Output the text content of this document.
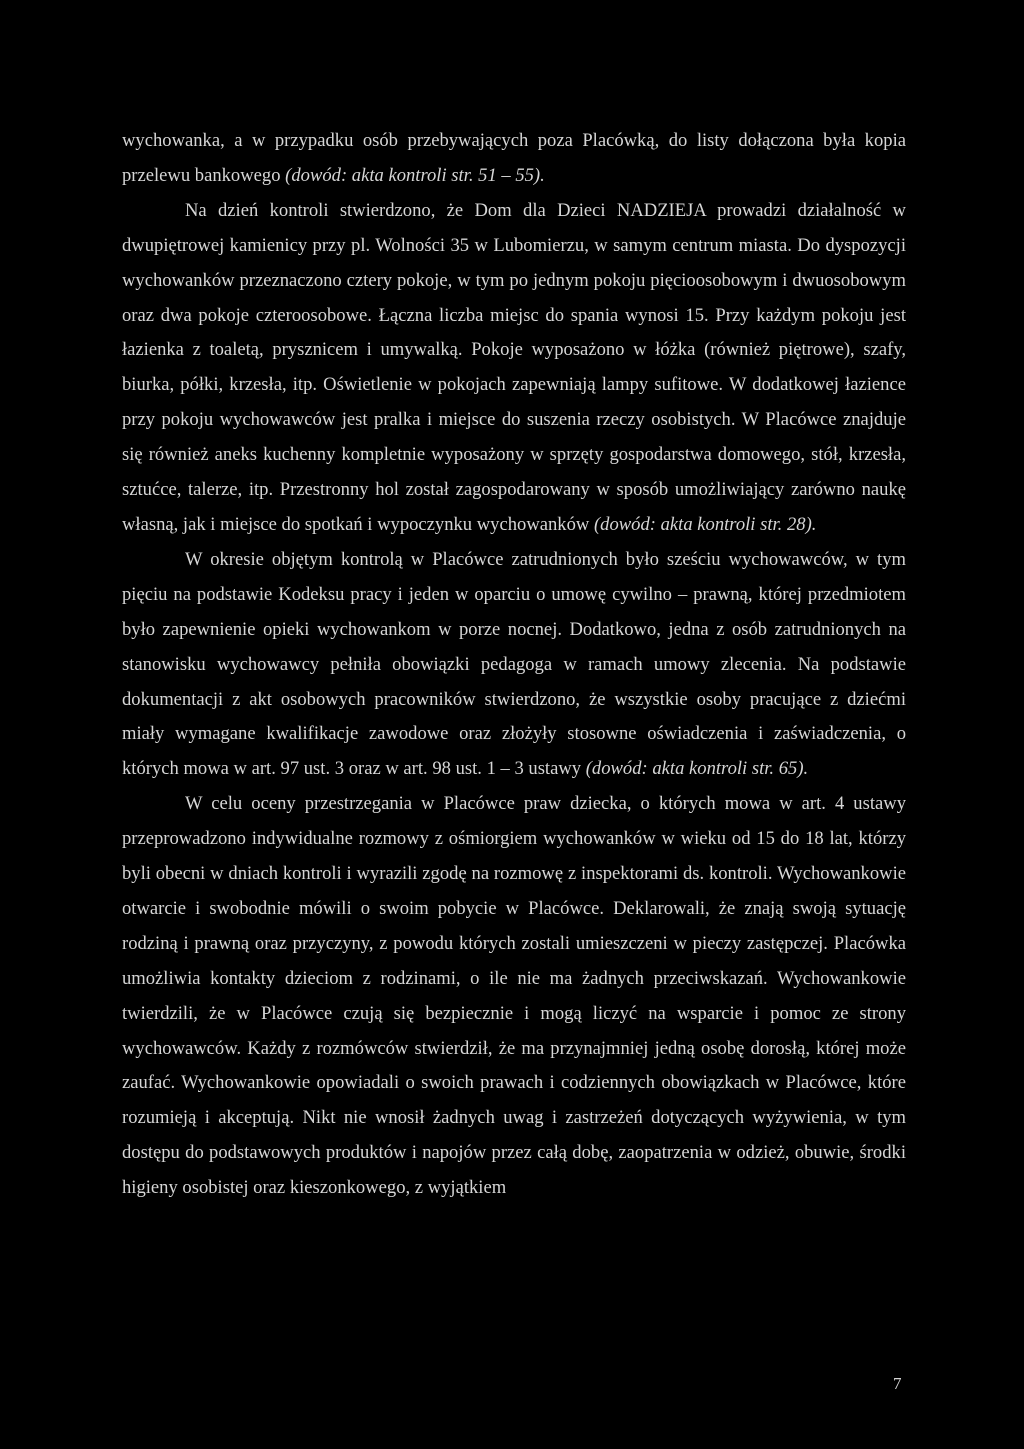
wychowanka, a w przypadku osób przebywających poza Placówką, do listy dołączona była kopia przelewu bankowego (dowód: akta kontroli str. 51 – 55).

Na dzień kontroli stwierdzono, że Dom dla Dzieci NADZIEJA prowadzi działalność w dwupiętrowej kamienicy przy pl. Wolności 35 w Lubomierzu, w samym centrum miasta. Do dyspozycji wychowanków przeznaczono cztery pokoje, w tym po jednym pokoju pięcioosobowym i dwuosobowym oraz dwa pokoje czteroosobowe. Łączna liczba miejsc do spania wynosi 15. Przy każdym pokoju jest łazienka z toaletą, prysznicem i umywalką. Pokoje wyposażono w łóżka (również piętrowe), szafy, biurka, półki, krzesła, itp. Oświetlenie w pokojach zapewniają lampy sufitowe. W dodatkowej łazience przy pokoju wychowawców jest pralka i miejsce do suszenia rzeczy osobistych. W Placówce znajduje się również aneks kuchenny kompletnie wyposażony w sprzęty gospodarstwa domowego, stół, krzesła, sztućce, talerze, itp. Przestronny hol został zagospodarowany w sposób umożliwiający zarówno naukę własną, jak i miejsce do spotkań i wypoczynku wychowanków (dowód: akta kontroli str. 28).

W okresie objętym kontrolą w Placówce zatrudnionych było sześciu wychowawców, w tym pięciu na podstawie Kodeksu pracy i jeden w oparciu o umowę cywilno – prawną, której przedmiotem było zapewnienie opieki wychowankom w porze nocnej. Dodatkowo, jedna z osób zatrudnionych na stanowisku wychowawcy pełniła obowiązki pedagoga w ramach umowy zlecenia. Na podstawie dokumentacji z akt osobowych pracowników stwierdzono, że wszystkie osoby pracujące z dziećmi miały wymagane kwalifikacje zawodowe oraz złożyły stosowne oświadczenia i zaświadczenia, o których mowa w art. 97 ust. 3 oraz w art. 98 ust. 1 – 3 ustawy (dowód: akta kontroli str. 65).

W celu oceny przestrzegania w Placówce praw dziecka, o których mowa w art. 4 ustawy przeprowadzono indywidualne rozmowy z ośmiorgiem wychowanków w wieku od 15 do 18 lat, którzy byli obecni w dniach kontroli i wyrazili zgodę na rozmowę z inspektorami ds. kontroli. Wychowankowie otwarcie i swobodnie mówili o swoim pobycie w Placówce. Deklarowali, że znają swoją sytuację rodziną i prawną oraz przyczyny, z powodu których zostali umieszczeni w pieczy zastępczej. Placówka umożliwia kontakty dzieciom z rodzinami, o ile nie ma żadnych przeciwskazań. Wychowankowie twierdzili, że w Placówce czują się bezpiecznie i mogą liczyć na wsparcie i pomoc ze strony wychowawców. Każdy z rozmówców stwierdził, że ma przynajmniej jedną osobę dorosłą, której może zaufać. Wychowankowie opowiadali o swoich prawach i codziennych obowiązkach w Placówce, które rozumieją i akceptują. Nikt nie wnosił żadnych uwag i zastrzeżeń dotyczących wyżywienia, w tym dostępu do podstawowych produktów i napojów przez całą dobę, zaopatrzenia w odzież, obuwie, środki higieny osobistej oraz kieszonkowego, z wyjątkiem

7
